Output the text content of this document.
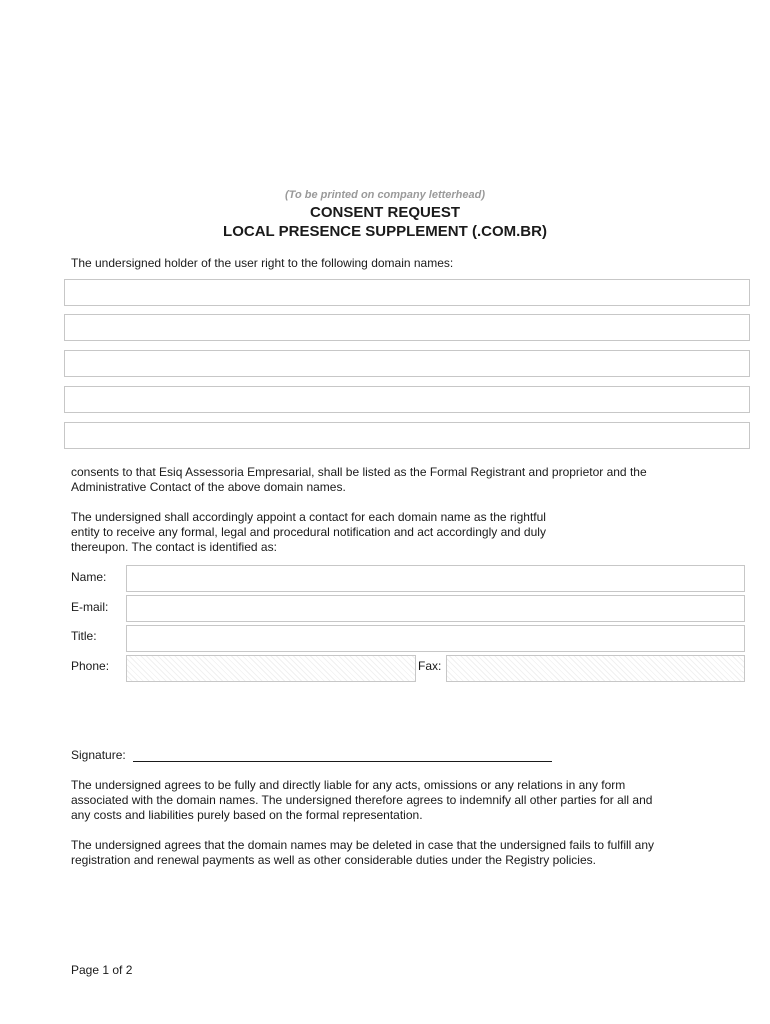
(To be printed on company letterhead)
CONSENT REQUEST
LOCAL PRESENCE SUPPLEMENT (.COM.BR)
The undersigned holder of the user right to the following domain names:
consents to that Esiq Assessoria Empresarial, shall be listed as the Formal Registrant and proprietor and the
Administrative Contact of the above domain names.
The undersigned shall accordingly appoint a contact for each domain name as the rightful
entity to receive any formal, legal and procedural notification and act accordingly and duly
thereupon. The contact is identified as:
Name:
E-mail:
Title:
Phone:	Fax:
Signature:
The undersigned agrees to be fully and directly liable for any acts, omissions or any relations in any form
associated with the domain names. The undersigned therefore agrees to indemnify all other parties for all and
any costs and liabilities purely based on the formal representation.
The undersigned agrees that the domain names may be deleted in case that the undersigned fails to fulfill any
registration and renewal payments as well as other considerable duties under the Registry policies.
Page 1 of 2
